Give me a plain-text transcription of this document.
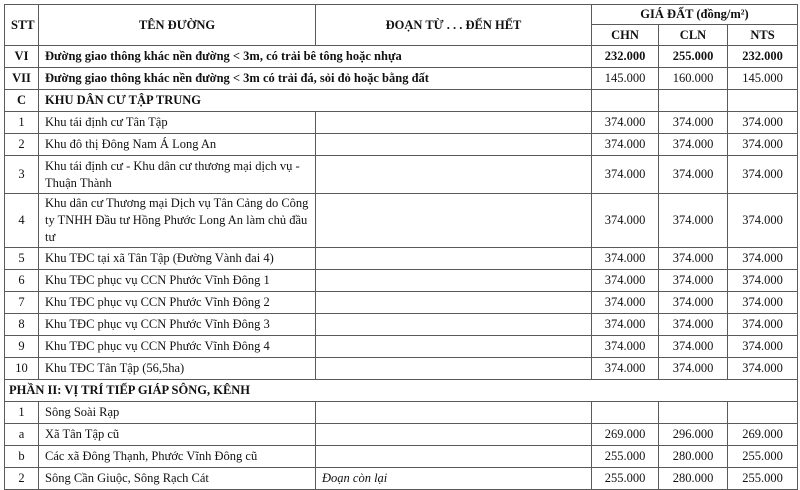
STT	TÊN ĐƯỜNG	ĐOẠN TỪ . . . ĐẾN HẾT	GIÁ ĐẤT (đồng/m²)		
			CHN	CLN	NTS
VI	Đường giao thông khác nền đường < 3m, có trải bê tông hoặc nhựa		232.000	255.000	232.000
VII	Đường giao thông khác nền đường < 3m có trải đá, sỏi đỏ hoặc bằng đất		145.000	160.000	145.000
C	KHU DÂN CƯ TẬP TRUNG				
1	Khu tái định cư Tân Tập		374.000	374.000	374.000
2	Khu đô thị Đông Nam Á Long An		374.000	374.000	374.000
3	Khu tái định cư - Khu dân cư thương mại dịch vụ - Thuận Thành		374.000	374.000	374.000
4	Khu dân cư Thương mại Dịch vụ Tân Cảng do Công ty TNHH Đầu tư Hồng Phước Long An làm chủ đầu tư		374.000	374.000	374.000
5	Khu TĐC tại xã Tân Tập (Đường Vành đai 4)		374.000	374.000	374.000
6	Khu TĐC phục vụ CCN Phước Vĩnh Đông 1		374.000	374.000	374.000
7	Khu TĐC phục vụ CCN Phước Vĩnh Đông 2		374.000	374.000	374.000
8	Khu TĐC phục vụ CCN Phước Vĩnh Đông 3		374.000	374.000	374.000
9	Khu TĐC phục vụ CCN Phước Vĩnh Đông 4		374.000	374.000	374.000
10	Khu TĐC Tân Tập (56,5ha)		374.000	374.000	374.000
PHẦN II: VỊ TRÍ TIẾP GIÁP SÔNG, KÊNH					
1	Sông Soài Rạp				
a	Xã Tân Tập cũ		269.000	296.000	269.000
b	Các xã Đông Thạnh, Phước Vĩnh Đông cũ		255.000	280.000	255.000
2	Sông Cần Giuộc, Sông Rạch Cát	Đoạn còn lại	255.000	280.000	255.000
